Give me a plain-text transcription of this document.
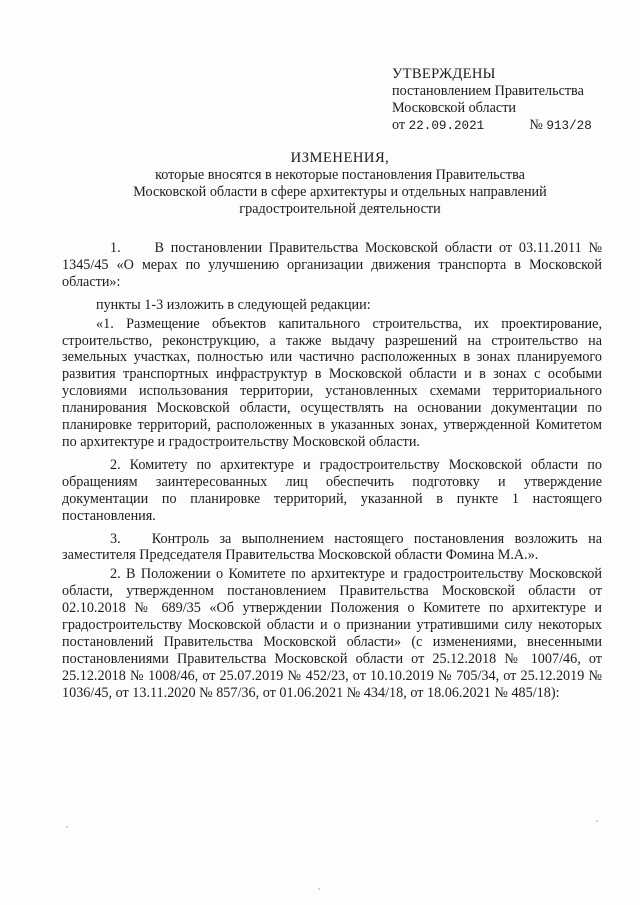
УТВЕРЖДЕНЫ
постановлением Правительства
Московской области
от 22.09.2021	№ 913/28
ИЗМЕНЕНИЯ,
которые вносятся в некоторые постановления Правительства Московской области в сфере архитектуры и отдельных направлений градостроительной деятельности

1.     В постановлении Правительства Московской области от 03.11.2011 № 1345/45 «О мерах по улучшению организации движения транспорта в Московской области»:

пункты 1-3 изложить в следующей редакции:

«1. Размещение объектов капитального строительства, их проектирование, строительство, реконструкцию, а также выдачу разрешений на строительство на земельных участках, полностью или частично расположенных в зонах планируемого развития транспортных инфраструктур в Московской области и в зонах с особыми условиями использования территории, установленных схемами территориального планирования Московской области, осуществлять на основании документации по планировке территорий, расположенных в указанных зонах, утвержденной Комитетом по архитектуре и градостроительству Московской области.

2. Комитету по архитектуре и градостроительству Московской области по обращениям заинтересованных лиц обеспечить подготовку и утверждение документации по планировке территорий, указанной в пункте 1 настоящего постановления.

3.   Контроль за выполнением настоящего постановления возложить на заместителя Председателя Правительства Московской области Фомина М.А.».

2. В Положении о Комитете по архитектуре и градостроительству Московской области, утвержденном постановлением Правительства Московской области от 02.10.2018 № 689/35 «Об утверждении Положения о Комитете по архитектуре и градостроительству Московской области и о признании утратившими силу некоторых постановлений Правительства Московской области» (с изменениями, внесенными постановлениями Правительства Московской области от 25.12.2018 № 1007/46, от 25.12.2018 № 1008/46, от 25.07.2019 № 452/23, от 10.10.2019 № 705/34, от 25.12.2019 № 1036/45, от 13.11.2020 № 857/36, от 01.06.2021 № 434/18, от 18.06.2021 № 485/18):
